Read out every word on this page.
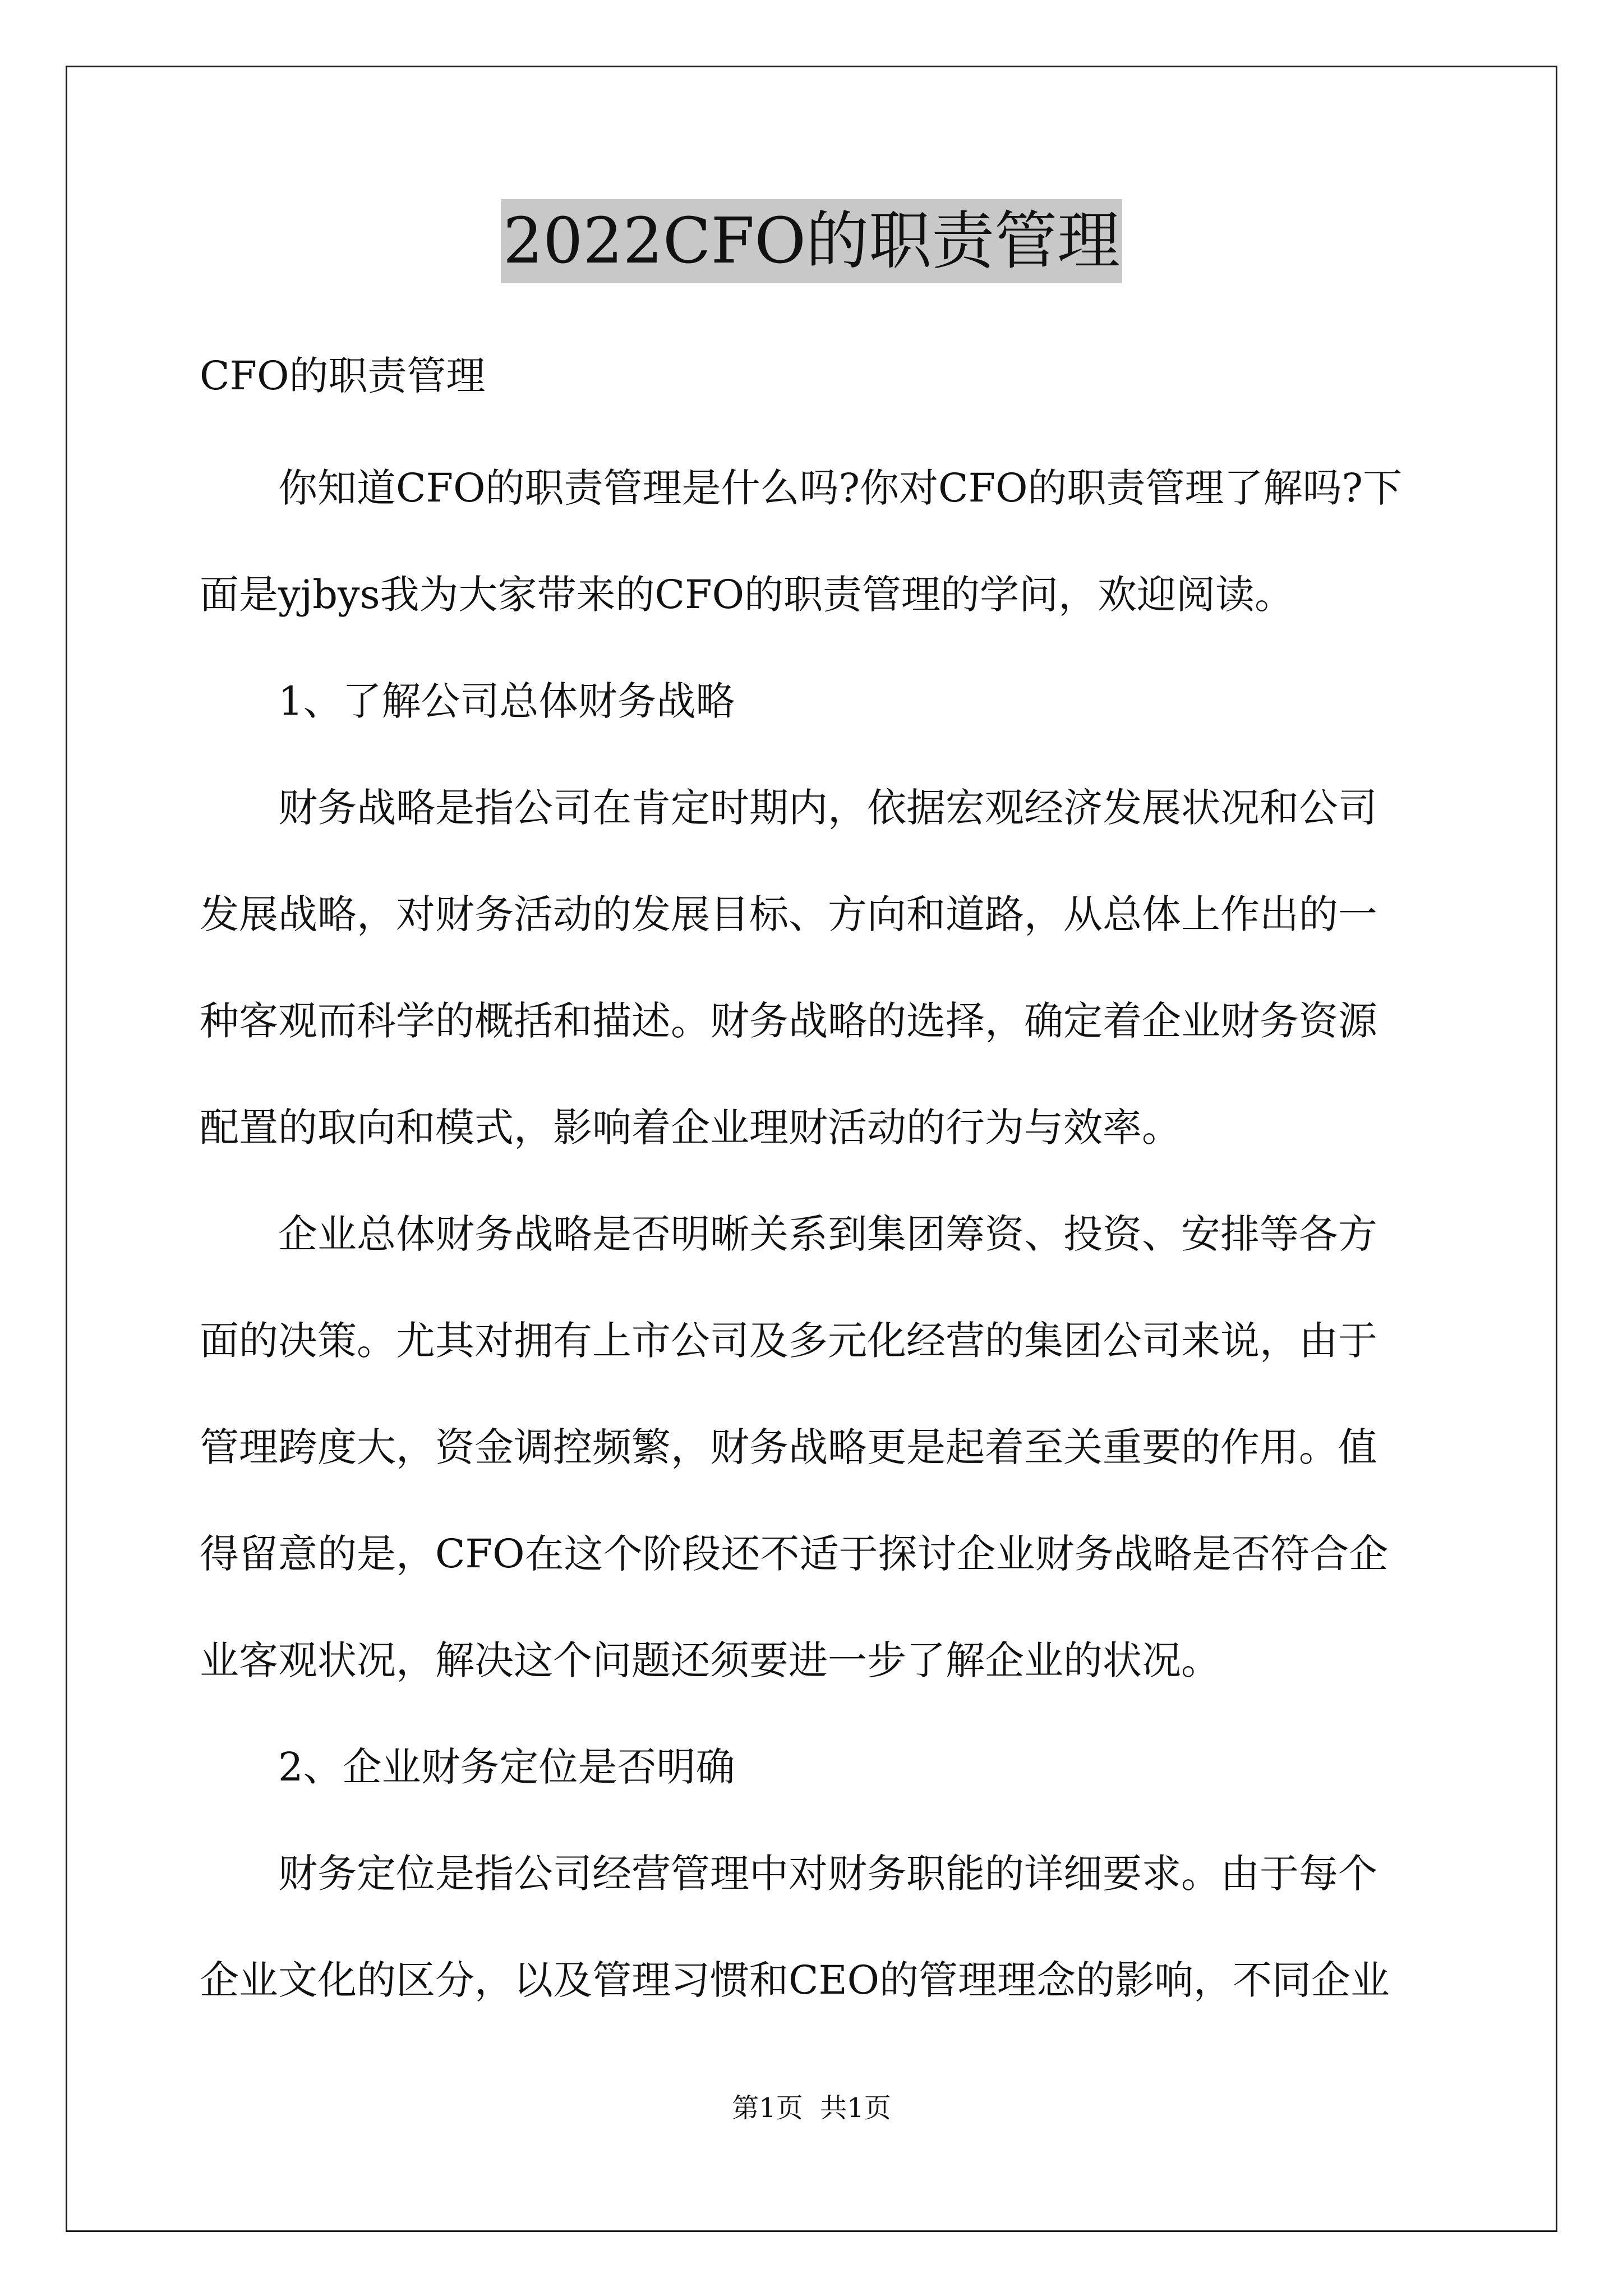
2022CFO的职责管理
CFO的职责管理
你知道CFO的职责管理是什么吗?你对CFO的职责管理了解吗?下
面是yjbys我为大家带来的CFO的职责管理的学问，欢迎阅读。
1、了解公司总体财务战略
财务战略是指公司在肯定时期内，依据宏观经济发展状况和公司
发展战略，对财务活动的发展目标、方向和道路，从总体上作出的一
种客观而科学的概括和描述。财务战略的选择，确定着企业财务资源
配置的取向和模式，影响着企业理财活动的行为与效率。
企业总体财务战略是否明晰关系到集团筹资、投资、安排等各方
面的决策。尤其对拥有上市公司及多元化经营的集团公司来说，由于
管理跨度大，资金调控频繁，财务战略更是起着至关重要的作用。值
得留意的是，CFO在这个阶段还不适于探讨企业财务战略是否符合企
业客观状况，解决这个问题还须要进一步了解企业的状况。
2、企业财务定位是否明确
财务定位是指公司经营管理中对财务职能的详细要求。由于每个
企业文化的区分，以及管理习惯和CEO的管理理念的影响，不同企业
第1页  共1页
